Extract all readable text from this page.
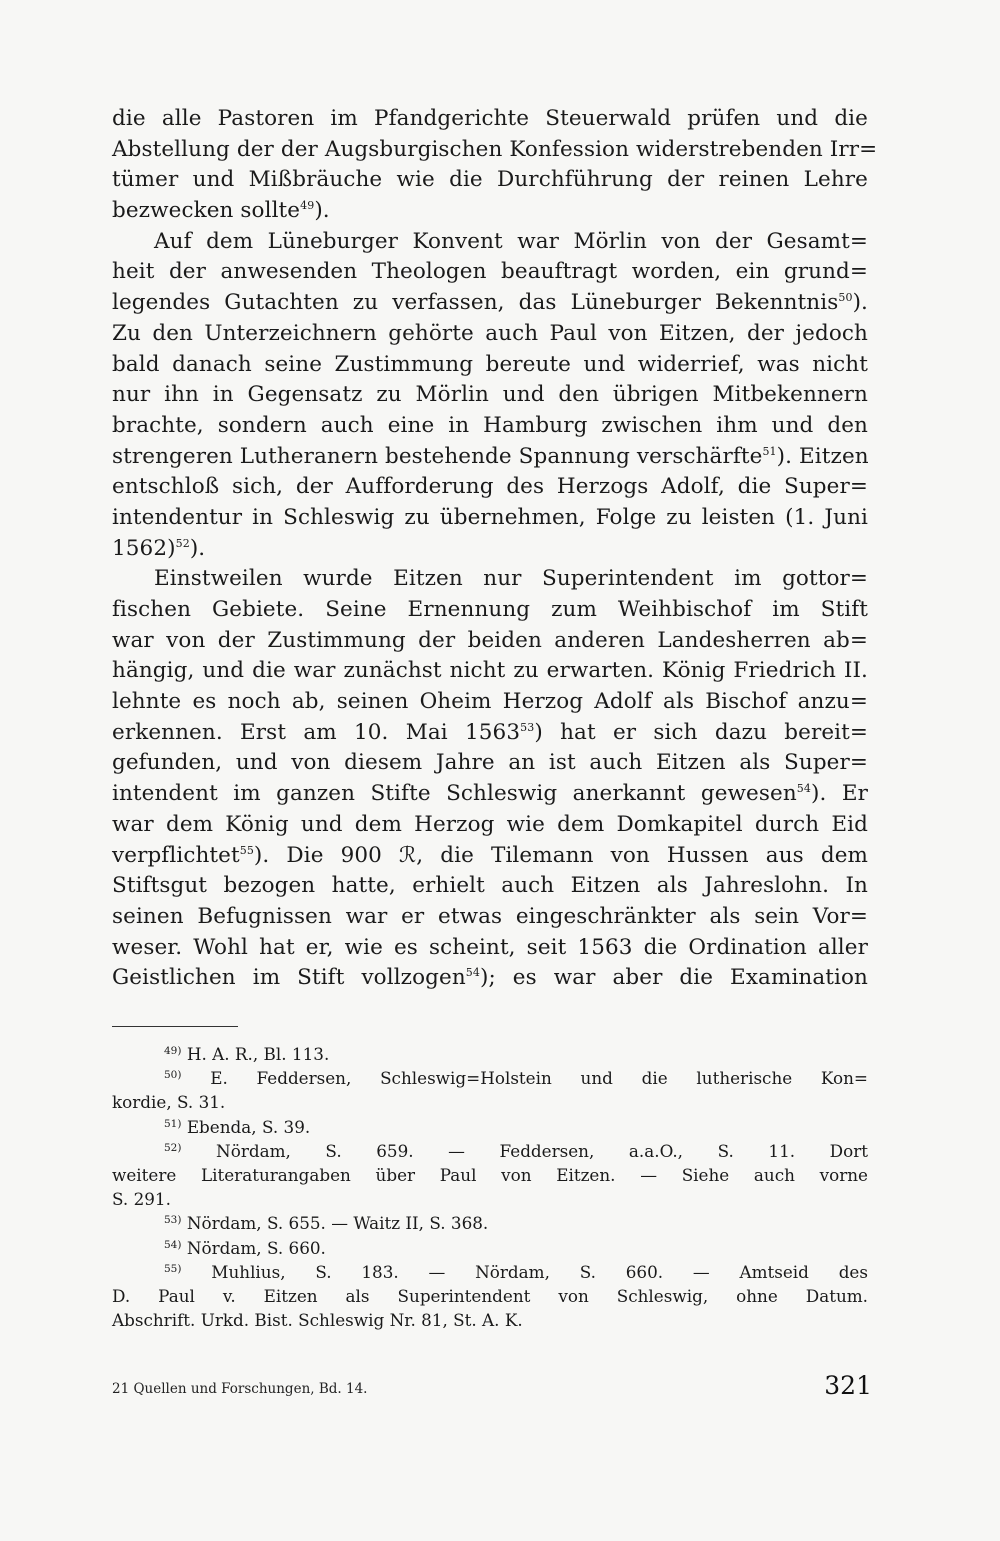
die alle Pastoren im Pfandgerichte Steuerwald prüfen und die
Abstellung der der Augsburgischen Konfession widerstrebenden Irr=
tümer und Mißbräuche wie die Durchführung der reinen Lehre
bezwecken sollte$^{49}$).
Auf dem Lüneburger Konvent war Mörlin von der Gesamt=
heit der anwesenden Theologen beauftragt worden, ein grund=
legendes Gutachten zu verfassen, das Lüneburger Bekenntnis$^{50}$).
Zu den Unterzeichnern gehörte auch Paul von Eitzen, der jedoch
bald danach seine Zustimmung bereute und widerrief, was nicht
nur ihn in Gegensatz zu Mörlin und den übrigen Mitbekennern
brachte, sondern auch eine in Hamburg zwischen ihm und den
strengeren Lutheranern bestehende Spannung verschärfte$^{51}$). Eitzen
entschloß sich, der Aufforderung des Herzogs Adolf, die Super=
intendentur in Schleswig zu übernehmen, Folge zu leisten (1. Juni
1562)$^{52}$).
Einstweilen wurde Eitzen nur Superintendent im gottor=
fischen Gebiete. Seine Ernennung zum Weihbischof im Stift
war von der Zustimmung der beiden anderen Landesherren ab=
hängig, und die war zunächst nicht zu erwarten. König Friedrich II.
lehnte es noch ab, seinen Oheim Herzog Adolf als Bischof anzu=
erkennen. Erst am 10. Mai 1563$^{53}$) hat er sich dazu bereit=
gefunden, und von diesem Jahre an ist auch Eitzen als Super=
intendent im ganzen Stifte Schleswig anerkannt gewesen$^{54}$). Er
war dem König und dem Herzog wie dem Domkapitel durch Eid
verpflichtet$^{55}$). Die 900 ℛ, die Tilemann von Hussen aus dem
Stiftsgut bezogen hatte, erhielt auch Eitzen als Jahreslohn. In
seinen Befugnissen war er etwas eingeschränkter als sein Vor=
weser. Wohl hat er, wie es scheint, seit 1563 die Ordination aller
Geistlichen im Stift vollzogen$^{54}$); es war aber die Examination
$^{49)}$ H. A. R., Bl. 113.
$^{50)}$ E. Feddersen, Schleswig=Holstein und die lutherische Kon=
kordie, S. 31.
$^{51)}$ Ebenda, S. 39.
$^{52)}$ Nördam, S. 659. — Feddersen, a.a.O., S. 11. Dort
weitere Literaturangaben über Paul von Eitzen. — Siehe auch vorne
S. 291.
$^{53)}$ Nördam, S. 655. — Waitz II, S. 368.
$^{54)}$ Nördam, S. 660.
$^{55)}$ Muhlius, S. 183. — Nördam, S. 660. — Amtseid des
D. Paul v. Eitzen als Superintendent von Schleswig, ohne Datum.
Abschrift. Urkd. Bist. Schleswig Nr. 81, St. A. K.
21 Quellen und Forschungen, Bd. 14.	321
